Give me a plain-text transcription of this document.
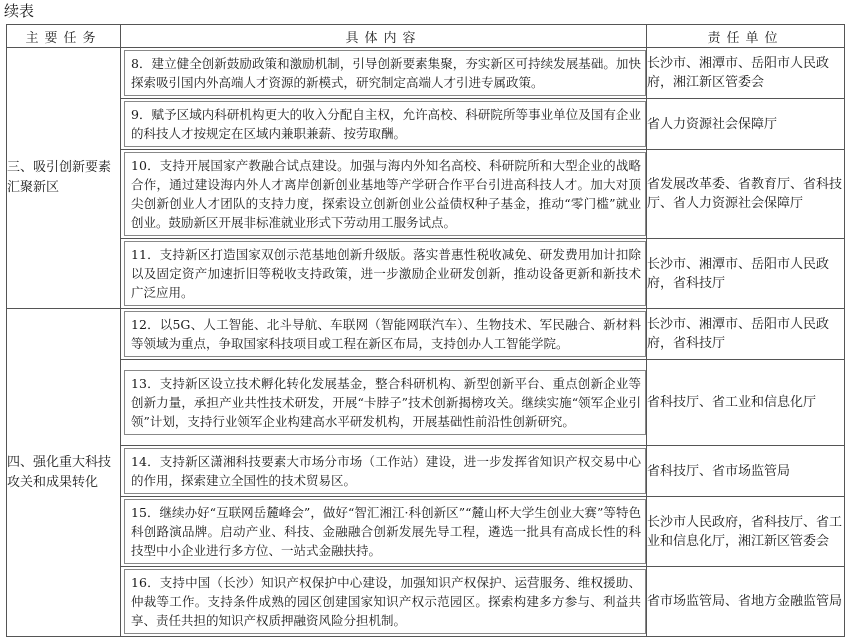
续表
主要任务	具体内容	责任单位
三、吸引创新要素汇聚新区	8．建立健全创新鼓励政策和激励机制，引导创新要素集聚，夯实新区可持续发展基础。加快探索吸引国内外高端人才资源的新模式，研究制定高端人才引进专属政策。	长沙市、湘潭市、岳阳市人民政府，湘江新区管委会

	9．赋予区域内科研机构更大的收入分配自主权，允许高校、科研院所等事业单位及国有企业的科技人才按规定在区域内兼职兼薪、按劳取酬。	省人力资源社会保障厅

	10．支持开展国家产教融合试点建设。加强与海内外知名高校、科研院所和大型企业的战略合作，通过建设海内外人才离岸创新创业基地等产学研合作平台引进高科技人才。加大对顶尖创新创业人才团队的支持力度，探索设立创新创业公益债权种子基金，推动“零门槛”就业创业。鼓励新区开展非标准就业形式下劳动用工服务试点。	省发展改革委、省教育厅、省科技厅、省人力资源社会保障厅

	11．支持新区打造国家双创示范基地创新升级版。落实普惠性税收减免、研发费用加计扣除以及固定资产加速折旧等税收支持政策，进一步激励企业研发创新，推动设备更新和新技术广泛应用。	长沙市、湘潭市、岳阳市人民政府，省科技厅
四、强化重大科技攻关和成果转化	12．以5G、人工智能、北斗导航、车联网（智能网联汽车）、生物技术、军民融合、新材料等领域为重点，争取国家科技项目或工程在新区布局，支持创办人工智能学院。	长沙市、湘潭市、岳阳市人民政府，省科技厅

	13．支持新区设立技术孵化转化发展基金，整合科研机构、新型创新平台、重点创新企业等创新力量，承担产业共性技术研发，开展“卡脖子”技术创新揭榜攻关。继续实施“领军企业引领”计划，支持行业领军企业构建高水平研发机构，开展基础性前沿性创新研究。	省科技厅、省工业和信息化厅

	14．支持新区潇湘科技要素大市场分市场（工作站）建设，进一步发挥省知识产权交易中心的作用，探索建立全国性的技术贸易区。	省科技厅、省市场监管局

	15．继续办好“互联网岳麓峰会”，做好“智汇湘江·科创新区”“麓山杯大学生创业大赛”等特色科创路演品牌。启动产业、科技、金融融合创新发展先导工程，遴选一批具有高成长性的科技型中小企业进行多方位、一站式金融扶持。	长沙市人民政府，省科技厅、省工业和信息化厅，湘江新区管委会

	16．支持中国（长沙）知识产权保护中心建设，加强知识产权保护、运营服务、维权援助、仲裁等工作。支持条件成熟的园区创建国家知识产权示范园区。探索构建多方参与、利益共享、责任共担的知识产权质押融资风险分担机制。	省市场监管局、省地方金融监管局
